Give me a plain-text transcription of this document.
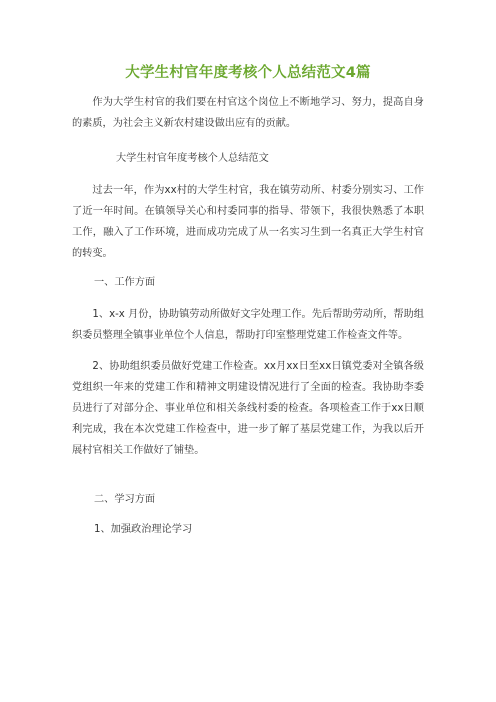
大学生村官年度考核个人总结范文4篇

作为大学生村官的我们要在村官这个岗位上不断地学习、努力，提高自身的素质，为社会主义新农村建设做出应有的贡献。

大学生村官年度考核个人总结范文

过去一年，作为xx村的大学生村官，我在镇劳动所、村委分别实习、工作了近一年时间。在镇领导关心和村委同事的指导、带领下，我很快熟悉了本职工作，融入了工作环境，进而成功完成了从一名实习生到一名真正大学生村官的转变。

一、工作方面

1、x-x 月份，协助镇劳动所做好文字处理工作。先后帮助劳动所，帮助组织委员整理全镇事业单位个人信息，帮助打印室整理党建工作检查文件等。

2、协助组织委员做好党建工作检查。xx月xx日至xx日镇党委对全镇各级党组织一年来的党建工作和精神文明建设情况进行了全面的检查。我协助李委员进行了对部分企、事业单位和相关条线村委的检查。各项检查工作于xx日顺利完成，我在本次党建工作检查中，进一步了解了基层党建工作，为我以后开展村官相关工作做好了铺垫。

二、学习方面
1、加强政治理论学习
